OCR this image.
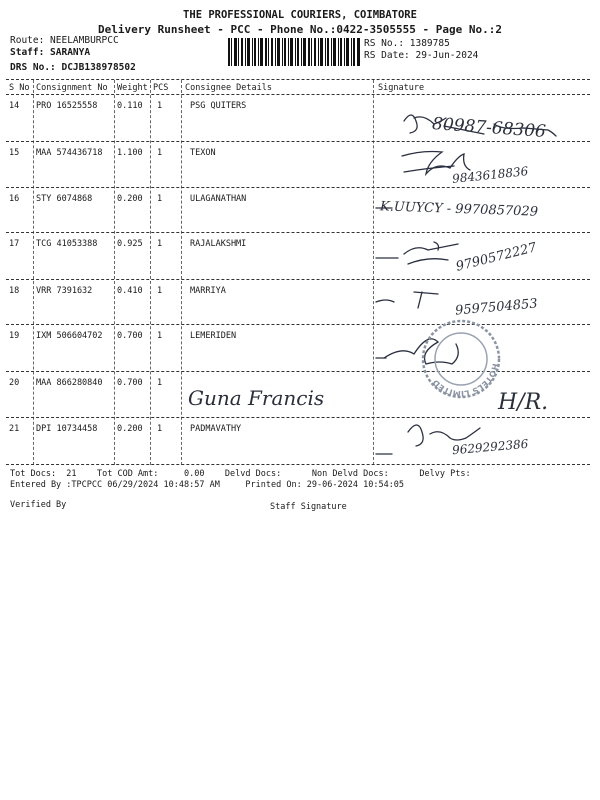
THE PROFESSIONAL COURIERS, COIMBATORE
Delivery Runsheet - PCC - Phone No.:0422-3505555 - Page No.:2
Route: NEELAMBURPCC
Staff: SARANYA
DRS No.: DCJB138978502
RS No.: 1389785
RS Date: 29-Jun-2024
S No Consignment No Weight PCS Consignee Details	Signature
14 PRO 16525558 0.110 1	PSG QUITERS
80987-68306
15 MAA 574436718 1.100 1	TEXON
9843618836
16 STY 6074868	0.200 1	ULAGANATHAN
K.UUYCY - 9970857029
17 TCG 41053388 0.925 1	RAJALAKSHMI	9790572227
18 VRR 7391632	0.410 1	MARRIYA
9597504853
19 IXM 506604702 0.700 1	LEMERIDEN
20 MAA 866280840 0.700 1
Guna Francis	H/R.
21 DPI 10734458 0.200 1	PADMAVATHY
9629292386
HOTELS LIMITED
Tot Docs:  21    Tot COD Amt:     0.00    Delvd Docs:      Non Delvd Docs:      Delvy Pts:
Entered By :TPCPCC 06/29/2024 10:48:57 AM     Printed On: 29-06-2024 10:54:05
Verified By	Staff Signature
